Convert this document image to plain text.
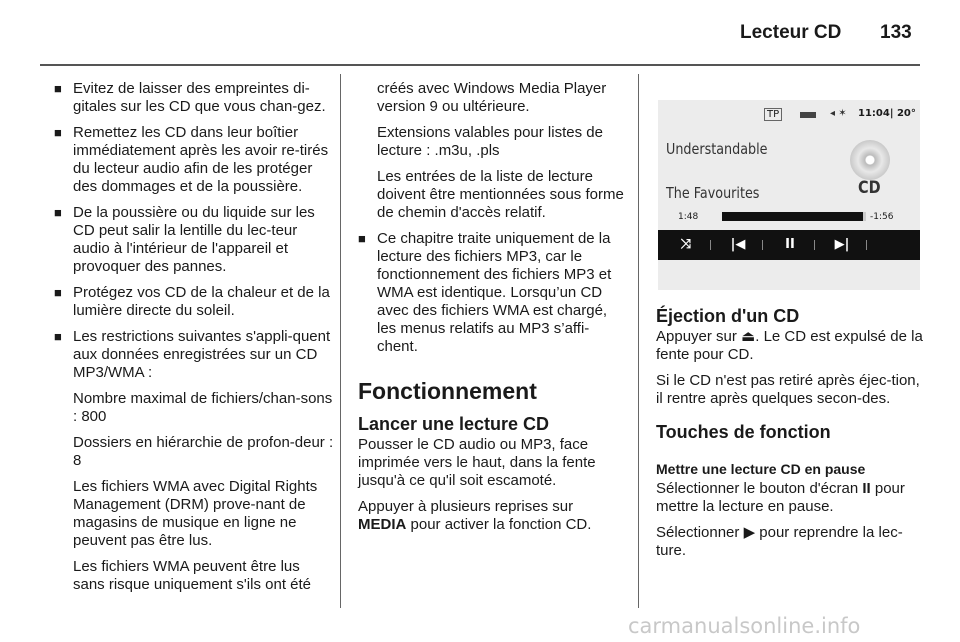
Lecteur CD 133
■ Evitez de laisser des empreintes di-gitales sur les CD que vous chan-gez.
■ Remettez les CD dans leur boîtier immédiatement après les avoir re-tirés du lecteur audio afin de les protéger des dommages et de la poussière.
■ De la poussière ou du liquide sur les CD peut salir la lentille du lec-teur audio à l'intérieur de l'appareil et provoquer des pannes.
■ Protégez vos CD de la chaleur et de la lumière directe du soleil.
■ Les restrictions suivantes s'appli-quent aux données enregistrées sur un CD MP3/WMA :
Nombre maximal de fichiers/chan-sons : 800
Dossiers en hiérarchie de profon-deur : 8
Les fichiers WMA avec Digital Rights Management (DRM) prove-nant de magasins de musique en ligne ne peuvent pas être lus.
Les fichiers WMA peuvent être lus sans risque uniquement s'ils ont été
créés avec Windows Media Player version 9 ou ultérieure.
Extensions valables pour listes de lecture : .m3u, .pls
Les entrées de la liste de lecture doivent être mentionnées sous forme de chemin d'accès relatif.
■ Ce chapitre traite uniquement de la lecture des fichiers MP3, car le fonctionnement des fichiers MP3 et WMA est identique. Lorsqu’un CD avec des fichiers WMA est chargé, les menus relatifs au MP3 s’affi-chent.
Fonctionnement
Lancer une lecture CD
Pousser le CD audio ou MP3, face imprimée vers le haut, dans la fente jusqu'à ce qu'il soit escamoté.
Appuyer à plusieurs reprises sur MEDIA pour activer la fonction CD.
TP	◂ ✶ 11:04| 20°
Understandable
The Favourites	CD
1:48	-1:56
⤨	|◀	II	▶|
Éjection d'un CD
Appuyer sur ⏏. Le CD est expulsé de la fente pour CD.
Si le CD n'est pas retiré après éjec-tion, il rentre après quelques secon-des.
Touches de fonction
Mettre une lecture CD en pause
Sélectionner le bouton d'écran II pour mettre la lecture en pause.
Sélectionner ▶ pour reprendre la lec-ture.
carmanualsonline.info
